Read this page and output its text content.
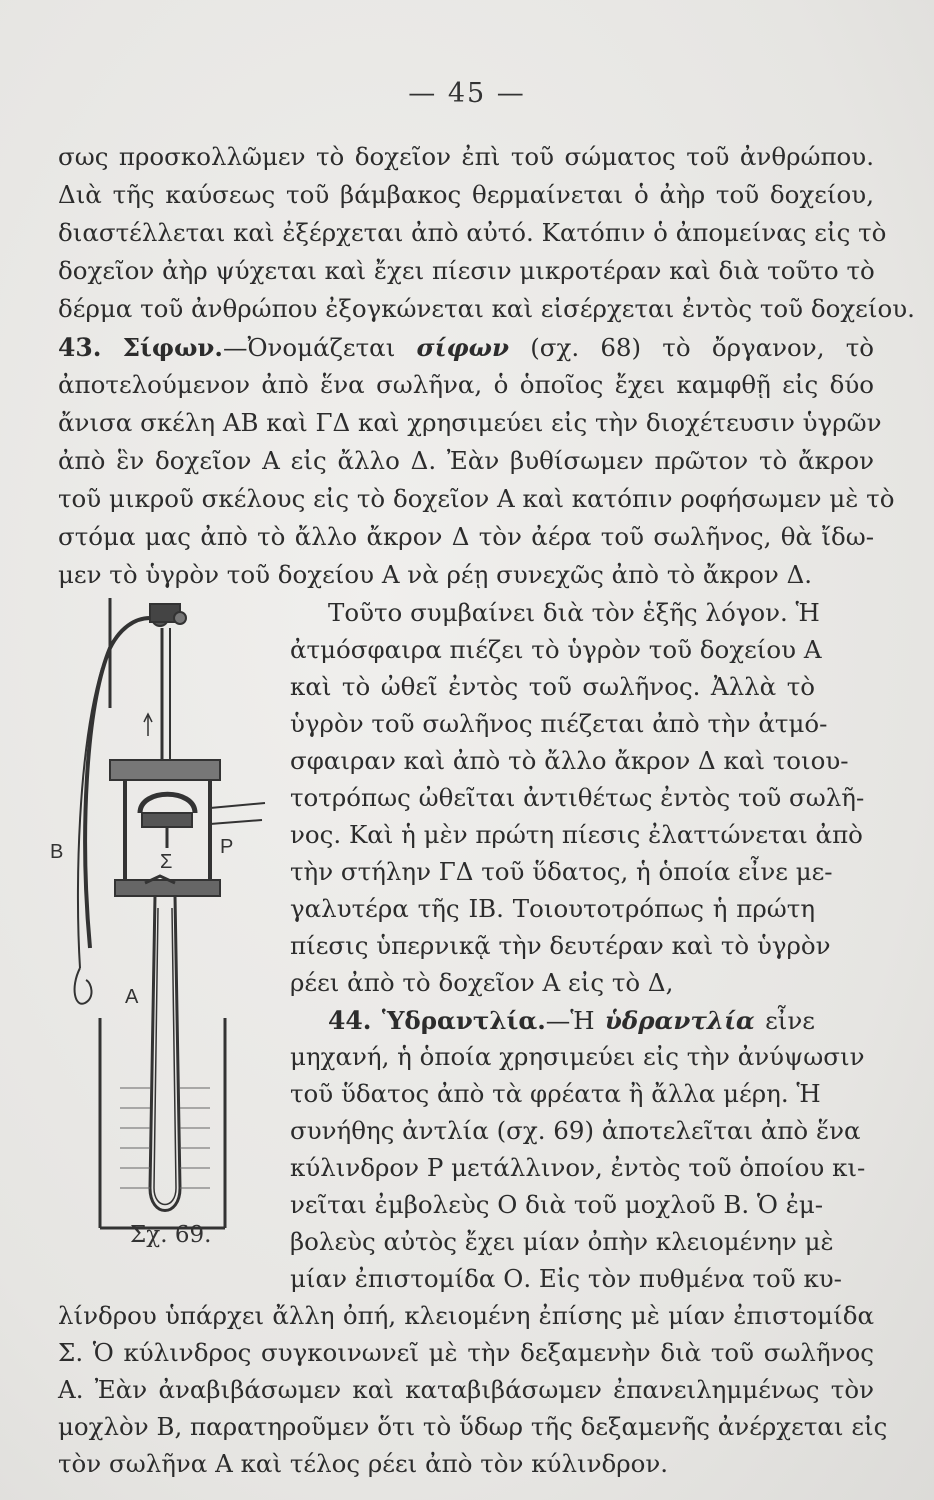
— 45 —
σως προσκολλῶμεν τὸ δοχεῖον ἐπὶ τοῦ σώματος τοῦ ἀνθρώπου.
Διὰ τῆς καύσεως τοῦ βάμβακος θερμαίνεται ὁ ἀὴρ τοῦ δοχείου,
διαστέλλεται καὶ ἐξέρχεται ἀπὸ αὐτό. Κατόπιν ὁ ἀπομείνας εἰς τὸ
δοχεῖον ἀὴρ ψύχεται καὶ ἔχει πίεσιν μικροτέραν καὶ διὰ τοῦτο τὸ
δέρμα τοῦ ἀνθρώπου ἐξογκώνεται καὶ εἰσέρχεται ἐντὸς τοῦ δοχείου.
43. Σίφων.—Ὀνομάζεται σίφων (σχ. 68) τὸ ὄργανον, τὸ
ἀποτελούμενον ἀπὸ ἕνα σωλῆνα, ὁ ὁποῖος ἔχει καμφθῇ εἰς δύο
ἄνισα σκέλη ΑΒ καὶ ΓΔ καὶ χρησιμεύει εἰς τὴν διοχέτευσιν ὑγρῶν
ἀπὸ ἓν δοχεῖον Α εἰς ἄλλο Δ. Ἐὰν βυθίσωμεν πρῶτον τὸ ἄκρον
τοῦ μικροῦ σκέλους εἰς τὸ δοχεῖον Α καὶ κατόπιν ροφήσωμεν μὲ τὸ
στόμα μας ἀπὸ τὸ ἄλλο ἄκρον Δ τὸν ἀέρα τοῦ σωλῆνος, θὰ ἴδω-
μεν τὸ ὑγρὸν τοῦ δοχείου Α νὰ ρέῃ συνεχῶς ἀπὸ τὸ ἄκρον Δ.
Τοῦτο συμβαίνει διὰ τὸν ἑξῆς λόγον. Ἡ
ἀτμόσφαιρα πιέζει τὸ ὑγρὸν τοῦ δοχείου Α
καὶ τὸ ὠθεῖ ἐντὸς τοῦ σωλῆνος. Ἀλλὰ τὸ
ὑγρὸν τοῦ σωλῆνος πιέζεται ἀπὸ τὴν ἀτμό-
σφαιραν καὶ ἀπὸ τὸ ἄλλο ἄκρον Δ καὶ τοιου-
τοτρόπως ὠθεῖται ἀντιθέτως ἐντὸς τοῦ σωλῆ-
νος. Καὶ ἡ μὲν πρώτη πίεσις ἐλαττώνεται ἀπὸ
τὴν στήλην ΓΔ τοῦ ὕδατος, ἡ ὁποία εἶνε με-
γαλυτέρα τῆς ΙΒ. Τοιουτοτρόπως ἡ πρώτη
πίεσις ὑπερνικᾷ τὴν δευτέραν καὶ τὸ ὑγρὸν
ρέει ἀπὸ τὸ δοχεῖον Α εἰς τὸ Δ,
44. Ὑδραντλία.—Ἡ ὑδραντλία εἶνε
μηχανή, ἡ ὁποία χρησιμεύει εἰς τὴν ἀνύψωσιν
τοῦ ὕδατος ἀπὸ τὰ φρέατα ἢ ἄλλα μέρη. Ἡ
συνήθης ἀντλία (σχ. 69) ἀποτελεῖται ἀπὸ ἕνα
κύλινδρον Ρ μετάλλινον, ἐντὸς τοῦ ὁποίου κι-
νεῖται ἐμβολεὺς Ο διὰ τοῦ μοχλοῦ Β. Ὁ ἐμ-
βολεὺς αὐτὸς ἔχει μίαν ὀπὴν κλειομένην μὲ
μίαν ἐπιστομίδα Ο. Εἰς τὸν πυθμένα τοῦ κυ-
λίνδρου ὑπάρχει ἄλλη ὀπή, κλειομένη ἐπίσης μὲ μίαν ἐπιστομίδα
Σ. Ὁ κύλινδρος συγκοινωνεῖ μὲ τὴν δεξαμενὴν διὰ τοῦ σωλῆνος
Α. Ἐὰν ἀναβιβάσωμεν καὶ καταβιβάσωμεν ἐπανειλημμένως τὸν
μοχλὸν Β, παρατηροῦμεν ὅτι τὸ ὕδωρ τῆς δεξαμενῆς ἀνέρχεται εἰς
τὸν σωλῆνα Α καὶ τέλος ρέει ἀπὸ τὸν κύλινδρον.
B	P
Σ
A
Σχ. 69.
